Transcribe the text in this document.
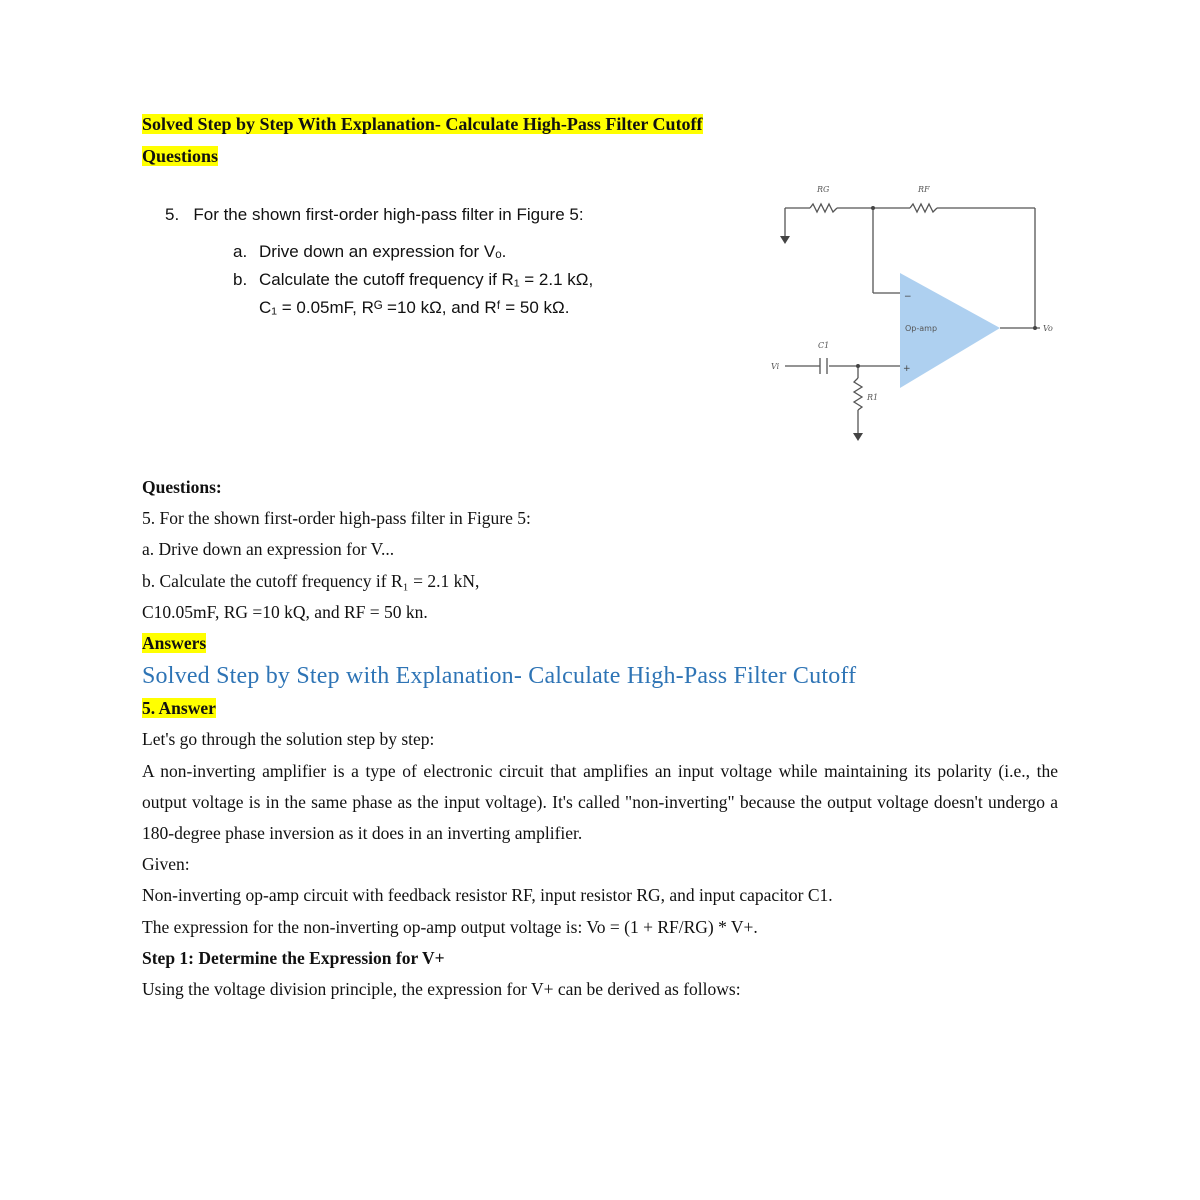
Solved Step by Step With Explanation- Calculate High-Pass Filter Cutoff
Questions
5. For the shown first-order high-pass filter in Figure 5:
a. Drive down an expression for Vₒ.
b. Calculate the cutoff frequency if R₁ = 2.1 kΩ,
C₁ = 0.05mF, Rᴳ =10 kΩ, and Rᶠ = 50 kΩ.
RG	RF
Vo
Vi
C1
R1
Op-amp
−
+

Questions:

5. For the shown first-order high-pass filter in Figure 5:

a. Drive down an expression for V...

b. Calculate the cutoff frequency if R₁ = 2.1 kN,

C10.05mF, RG =10 kQ, and RF = 50 kn.

Answers

Solved Step by Step with Explanation- Calculate High-Pass Filter Cutoff

5. Answer

Let's go through the solution step by step:

A non-inverting amplifier is a type of electronic circuit that amplifies an input voltage while maintaining its polarity (i.e., the output voltage is in the same phase as the input voltage). It's called "non-inverting" because the output voltage doesn't undergo a 180-degree phase inversion as it does in an inverting amplifier.

Given:

Non-inverting op-amp circuit with feedback resistor RF, input resistor RG, and input capacitor C1.

The expression for the non-inverting op-amp output voltage is: Vo = (1 + RF/RG) * V+.

Step 1: Determine the Expression for V+

Using the voltage division principle, the expression for V+ can be derived as follows:
